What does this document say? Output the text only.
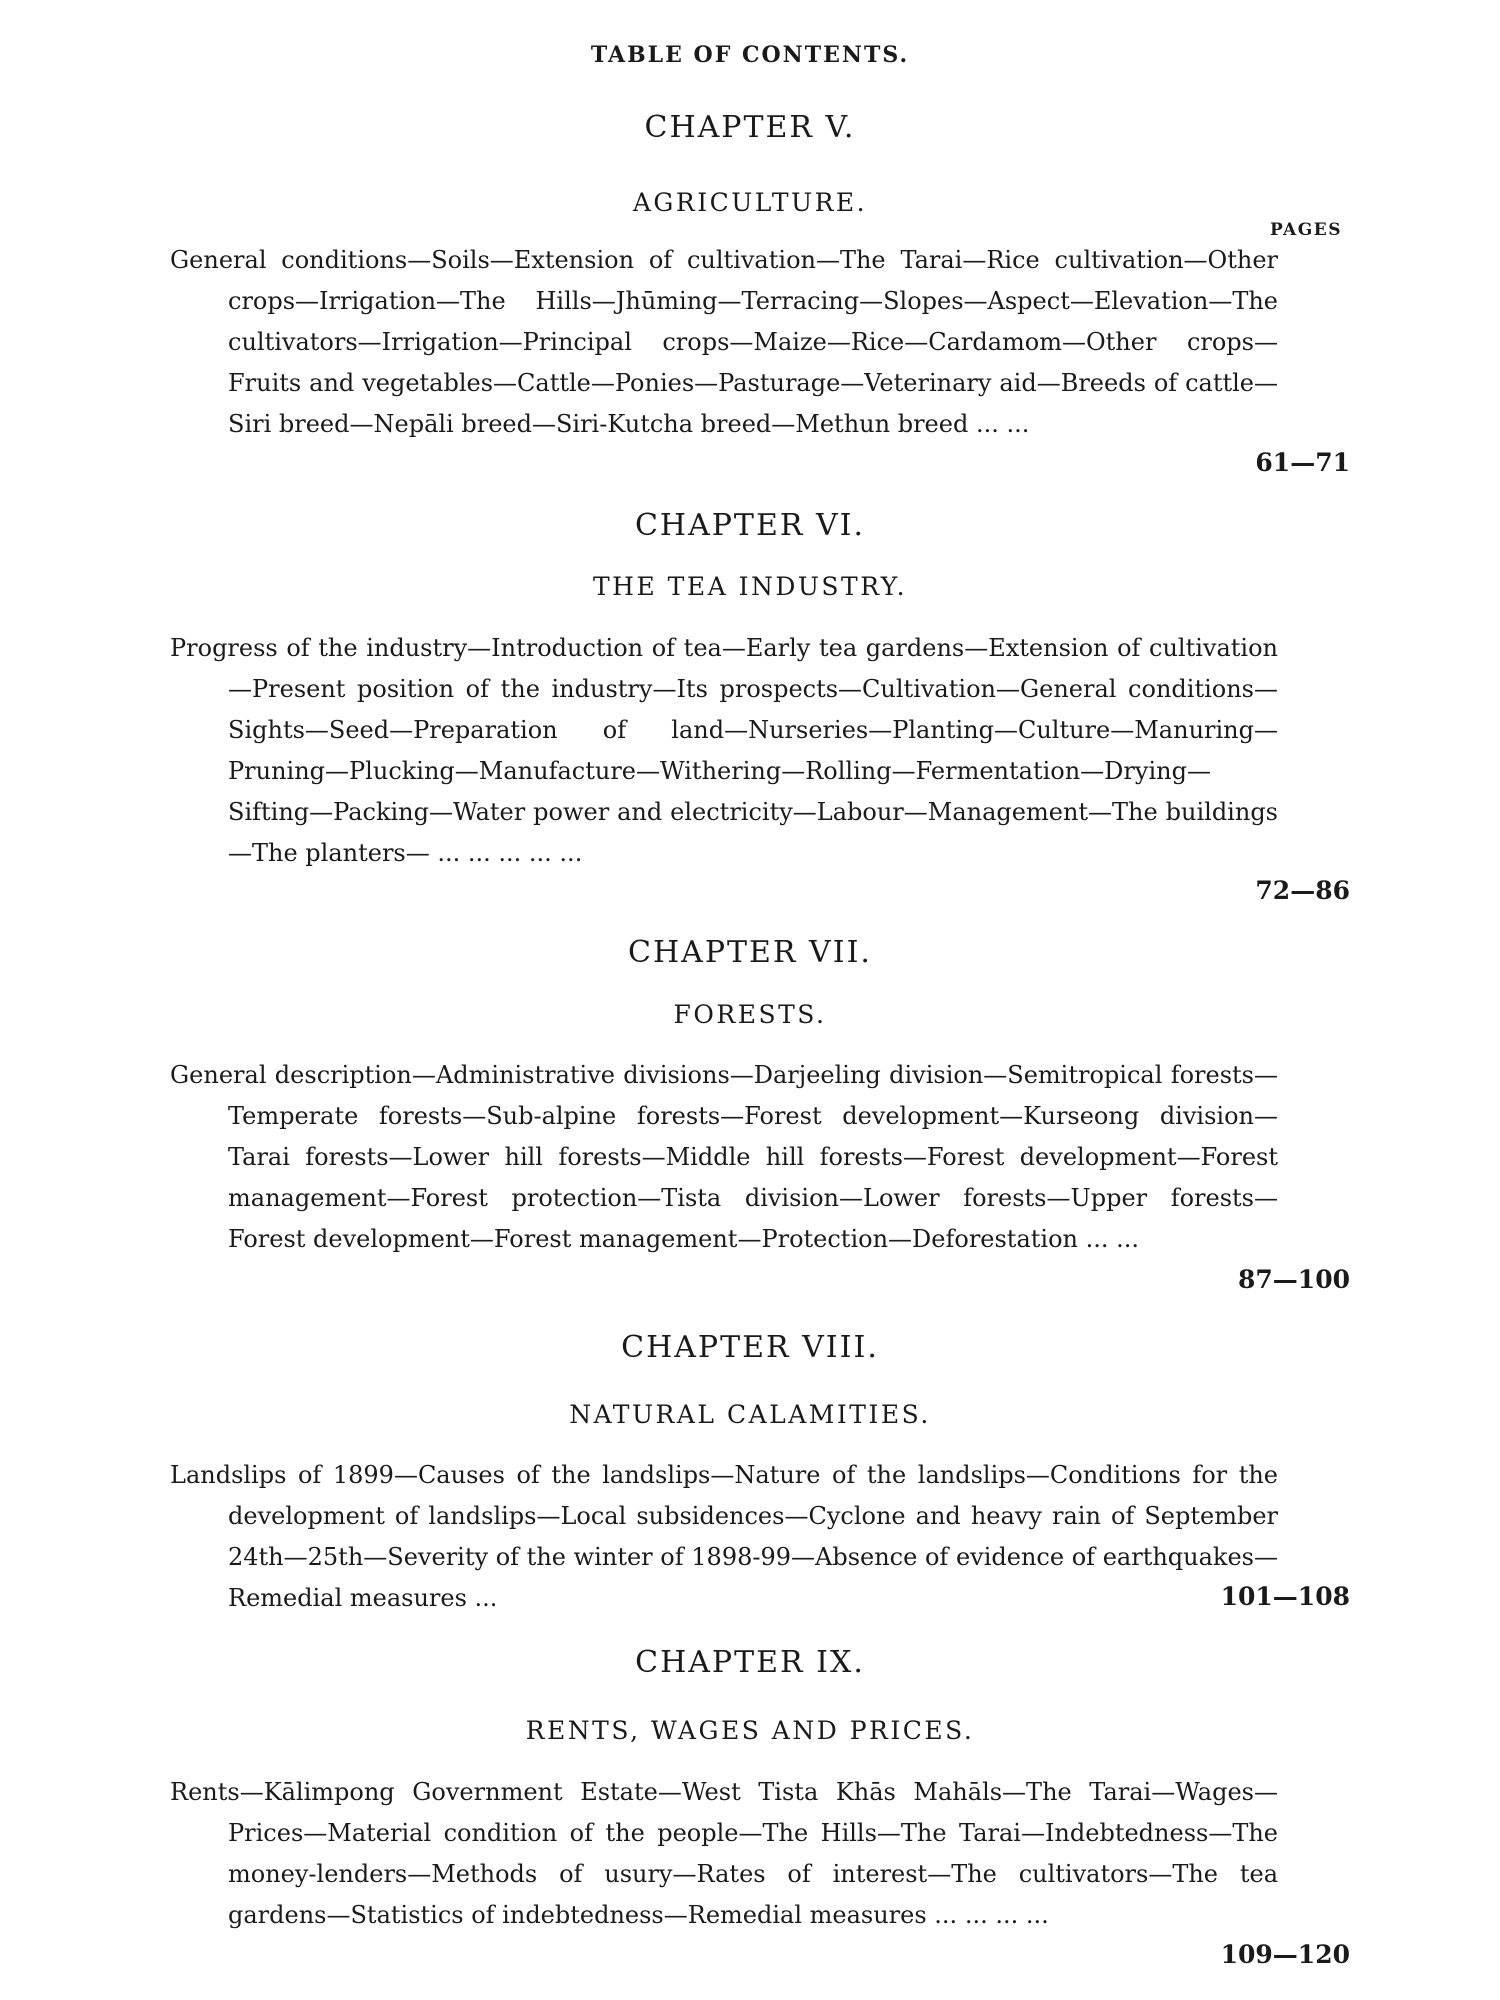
TABLE OF CONTENTS.
PAGES
CHAPTER V.
AGRICULTURE.
General conditions—Soils—Extension of cultivation—The Tarai—Rice cultivation—Other crops—Irrigation—The Hills—Jhūming—Terracing—Slopes—Aspect—Elevation—The cultivators—Irrigation—Principal crops—Maize—Rice—Cardamom—Other crops—Fruits and vegetables—Cattle—Ponies—Pasturage—Veterinary aid—Breeds of cattle—Siri breed—Nepāli breed—Siri-Kutcha breed—Methun breed ... ...
61—71
CHAPTER VI.
THE TEA INDUSTRY.
Progress of the industry—Introduction of tea—Early tea gardens—Extension of cultivation—Present position of the industry—Its prospects—Cultivation—General conditions—Sights—Seed—Preparation of land—Nurseries—Planting—Culture—Manuring—Pruning—Plucking—Manufacture—Withering—Rolling—Fermentation—Drying—Sifting—Packing—Water power and electricity—Labour—Management—The buildings—The planters— ... ... ... ... ...
72—86
CHAPTER VII.
FORESTS.
General description—Administrative divisions—Darjeeling division—Semitropical forests—Temperate forests—Sub-alpine forests—Forest development—Kurseong division—Tarai forests—Lower hill forests—Middle hill forests—Forest development—Forest management—Forest protection—Tista division—Lower forests—Upper forests—Forest development—Forest management—Protection—Deforestation ... ...
87—100
CHAPTER VIII.
NATURAL CALAMITIES.
Landslips of 1899—Causes of the landslips—Nature of the landslips—Conditions for the development of landslips—Local subsidences—Cyclone and heavy rain of September 24th—25th—Severity of the winter of 1898-99—Absence of evidence of earthquakes—Remedial measures ...	101—108
CHAPTER IX.
RENTS, WAGES AND PRICES.
Rents—Kālimpong Government Estate—West Tista Khās Mahāls—The Tarai—Wages—Prices—Material condition of the people—The Hills—The Tarai—Indebtedness—The money-lenders—Methods of usury—Rates of interest—The cultivators—The tea gardens—Statistics of indebtedness—Remedial measures ... ... ... ...
109—120
